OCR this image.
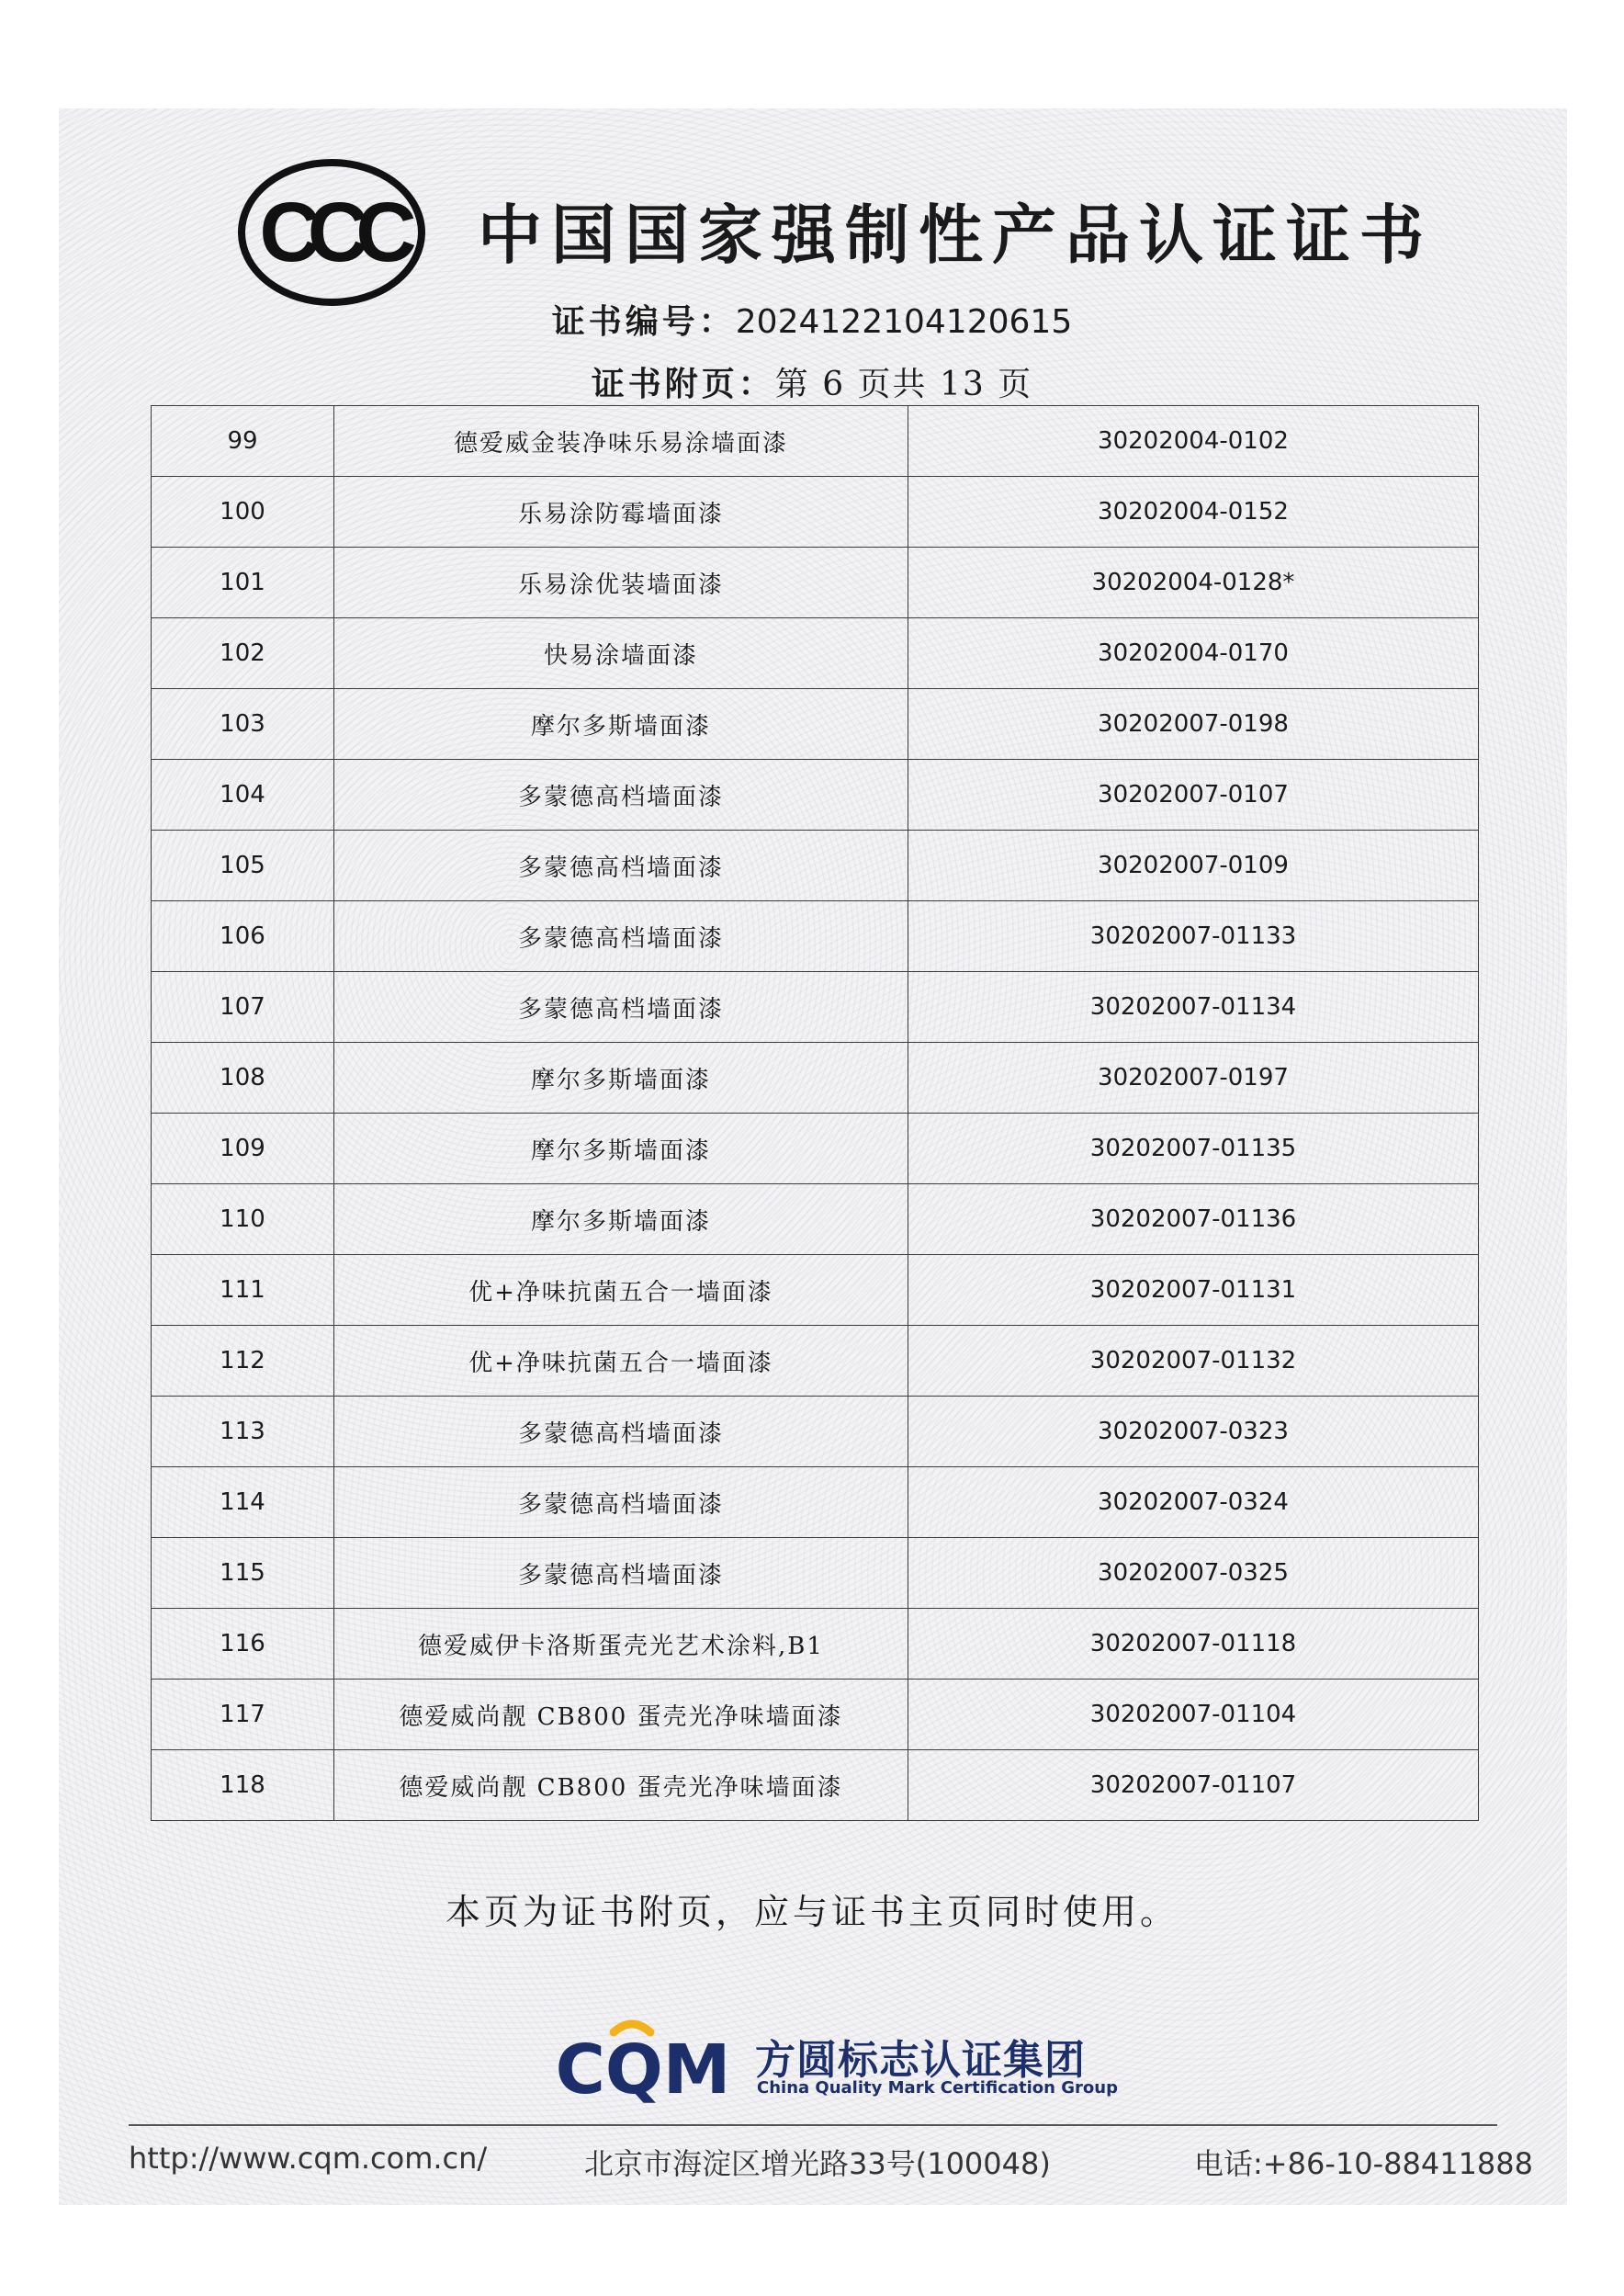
CCC 中国国家强制性产品认证证书
证书编号：2024122104120615
证书附页：第 6 页共 13 页
99	德爱威金装净味乐易涂墙面漆	30202004-0102
100	乐易涂防霉墙面漆	30202004-0152
101	乐易涂优装墙面漆	30202004-0128*
102	快易涂墙面漆	30202004-0170
103	摩尔多斯墙面漆	30202007-0198
104	多蒙德高档墙面漆	30202007-0107
105	多蒙德高档墙面漆	30202007-0109
106	多蒙德高档墙面漆	30202007-01133
107	多蒙德高档墙面漆	30202007-01134
108	摩尔多斯墙面漆	30202007-0197
109	摩尔多斯墙面漆	30202007-01135
110	摩尔多斯墙面漆	30202007-01136
111	优+净味抗菌五合一墙面漆	30202007-01131
112	优+净味抗菌五合一墙面漆	30202007-01132
113	多蒙德高档墙面漆	30202007-0323
114	多蒙德高档墙面漆	30202007-0324
115	多蒙德高档墙面漆	30202007-0325
116	德爱威伊卡洛斯蛋壳光艺术涂料,B1	30202007-01118
117	德爱威尚靓 CB800 蛋壳光净味墙面漆	30202007-01104
118	德爱威尚靓 CB800 蛋壳光净味墙面漆	30202007-01107
本页为证书附页，应与证书主页同时使用。
CQM 方圆标志认证集团
China Quality Mark Certification Group
http://www.cqm.com.cn/	北京市海淀区增光路33号(100048)	电话:+86-10-88411888
